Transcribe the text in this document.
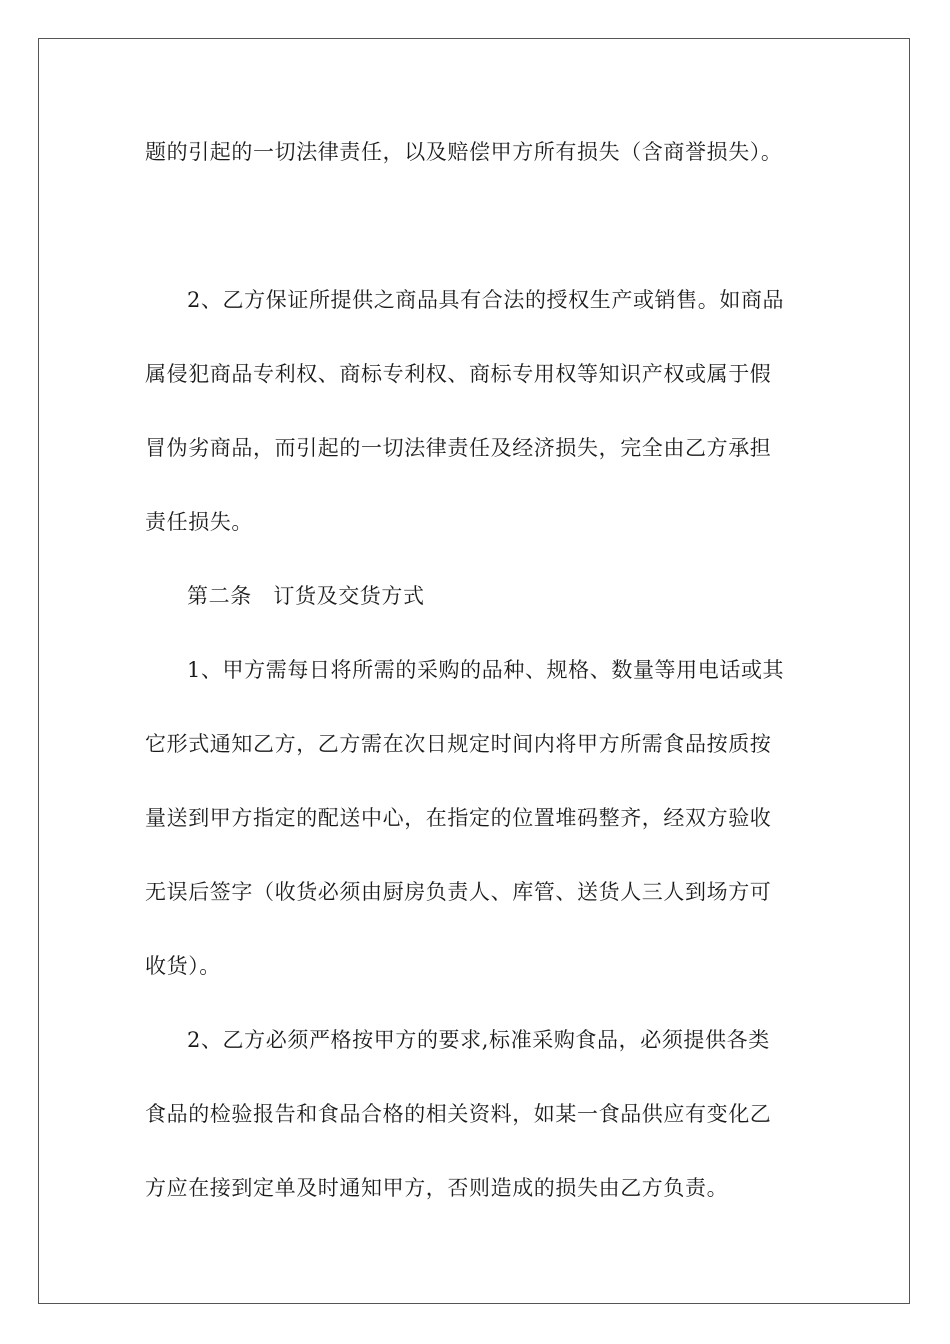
题的引起的一切法律责任，以及赔偿甲方所有损失（含商誉损失）。
2、乙方保证所提供之商品具有合法的授权生产或销售。如商品
属侵犯商品专利权、商标专利权、商标专用权等知识产权或属于假
冒伪劣商品，而引起的一切法律责任及经济损失，完全由乙方承担
责任损失。
第二条　订货及交货方式
1、甲方需每日将所需的采购的品种、规格、数量等用电话或其
它形式通知乙方，乙方需在次日规定时间内将甲方所需食品按质按
量送到甲方指定的配送中心，在指定的位置堆码整齐，经双方验收
无误后签字（收货必须由厨房负责人、库管、送货人三人到场方可
收货）。
2、乙方必须严格按甲方的要求,标准采购食品，必须提供各类
食品的检验报告和食品合格的相关资料，如某一食品供应有变化乙
方应在接到定单及时通知甲方，否则造成的损失由乙方负责。
